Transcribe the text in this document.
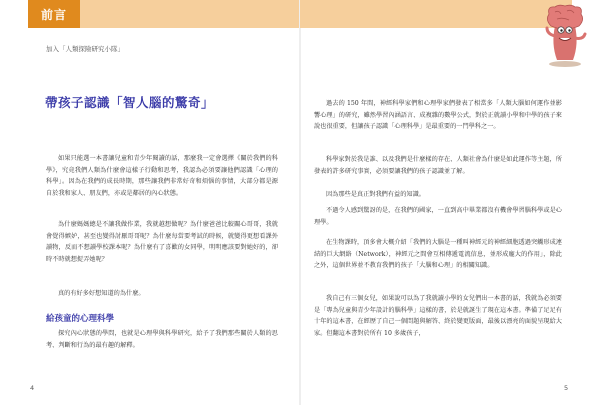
前言
加入「人類探險研究小隊」
帶孩子認識「智人腦的驚奇」
如果只能選一本書讓兒童和青少年閱讀的話，那麼我一定會選擇《關於我們的科學》，究竟我們人類為什麼會這樣子行動和思考，我認為必須要讓他們認識「心理的科學」。因為在我們的成長時期，那些讓我們非常好奇和煩惱的事情，大部分都是源自於我和家人、朋友們，亦或是鄰居的內心狀態。
為什麼媽媽總是不讓我做作業，我就越想做呢？為什麼爸爸比較關心哥哥，我就會覺得嫉妒，甚至也變得討厭哥哥呢？為什麼每當要考試的時候，就變得更想看課外讀物，反而不想讀學校課本呢？為什麼有了喜歡的女同學，明明應該要對她好的，卻時不時就想捉弄她呢？
真的有好多好想知道的為什麼。
給孩童的心理科學
探究內心狀態的學問，也就是心理學與科學研究，給予了我們那些關於人類的思考、判斷和行為的最有趣的解釋。
4
過去的 150 年間，神經科學家們和心理學家們發表了相當多「人類大腦如何運作並影響心理」的研究，雖然學習內涵語言、成複雜的數學公式，對於正就讀小學和中學的孩子來說也很重要，但讓孩子認識「心理科學」是最重要的一門學科之一。
科學家對於我是誰、以及我們是什麼樣的存在、人類社會為什麼是如此運作等主題，所發表的許多研究事實，必須要讓我們的孩子認識並了解。
因為那些是真正對我們有益的知識。
不過令人感到驚訝的是，在我們的國家，一直到高中畢業都沒有機會學習腦科學或是心理學。
在生物課時，頂多會大概介紹「我們的大腦是一種叫神經元的神經細胞透過突觸形成連結的巨大網絡（Network），神經元之間會互相傳遞電流信息，並形成龐大的作用」，除此之外，這個世界並不教育我們的孩子「大腦和心理」的相關知識。
我自己有三個女兒，如果說可以為了我就讀小學的女兒們出一本書的話，我就為必須要是「專為兒童與青少年設計的腦科學」這樣的書，於是就誕生了現在這本書。準備了足足有十年的這本書，在經歷了自己一個問題與解答、終於變更版面，最後以漂亮的面貌呈現給大家。但翻這本書對於所有 10 多歲孩子，
5
